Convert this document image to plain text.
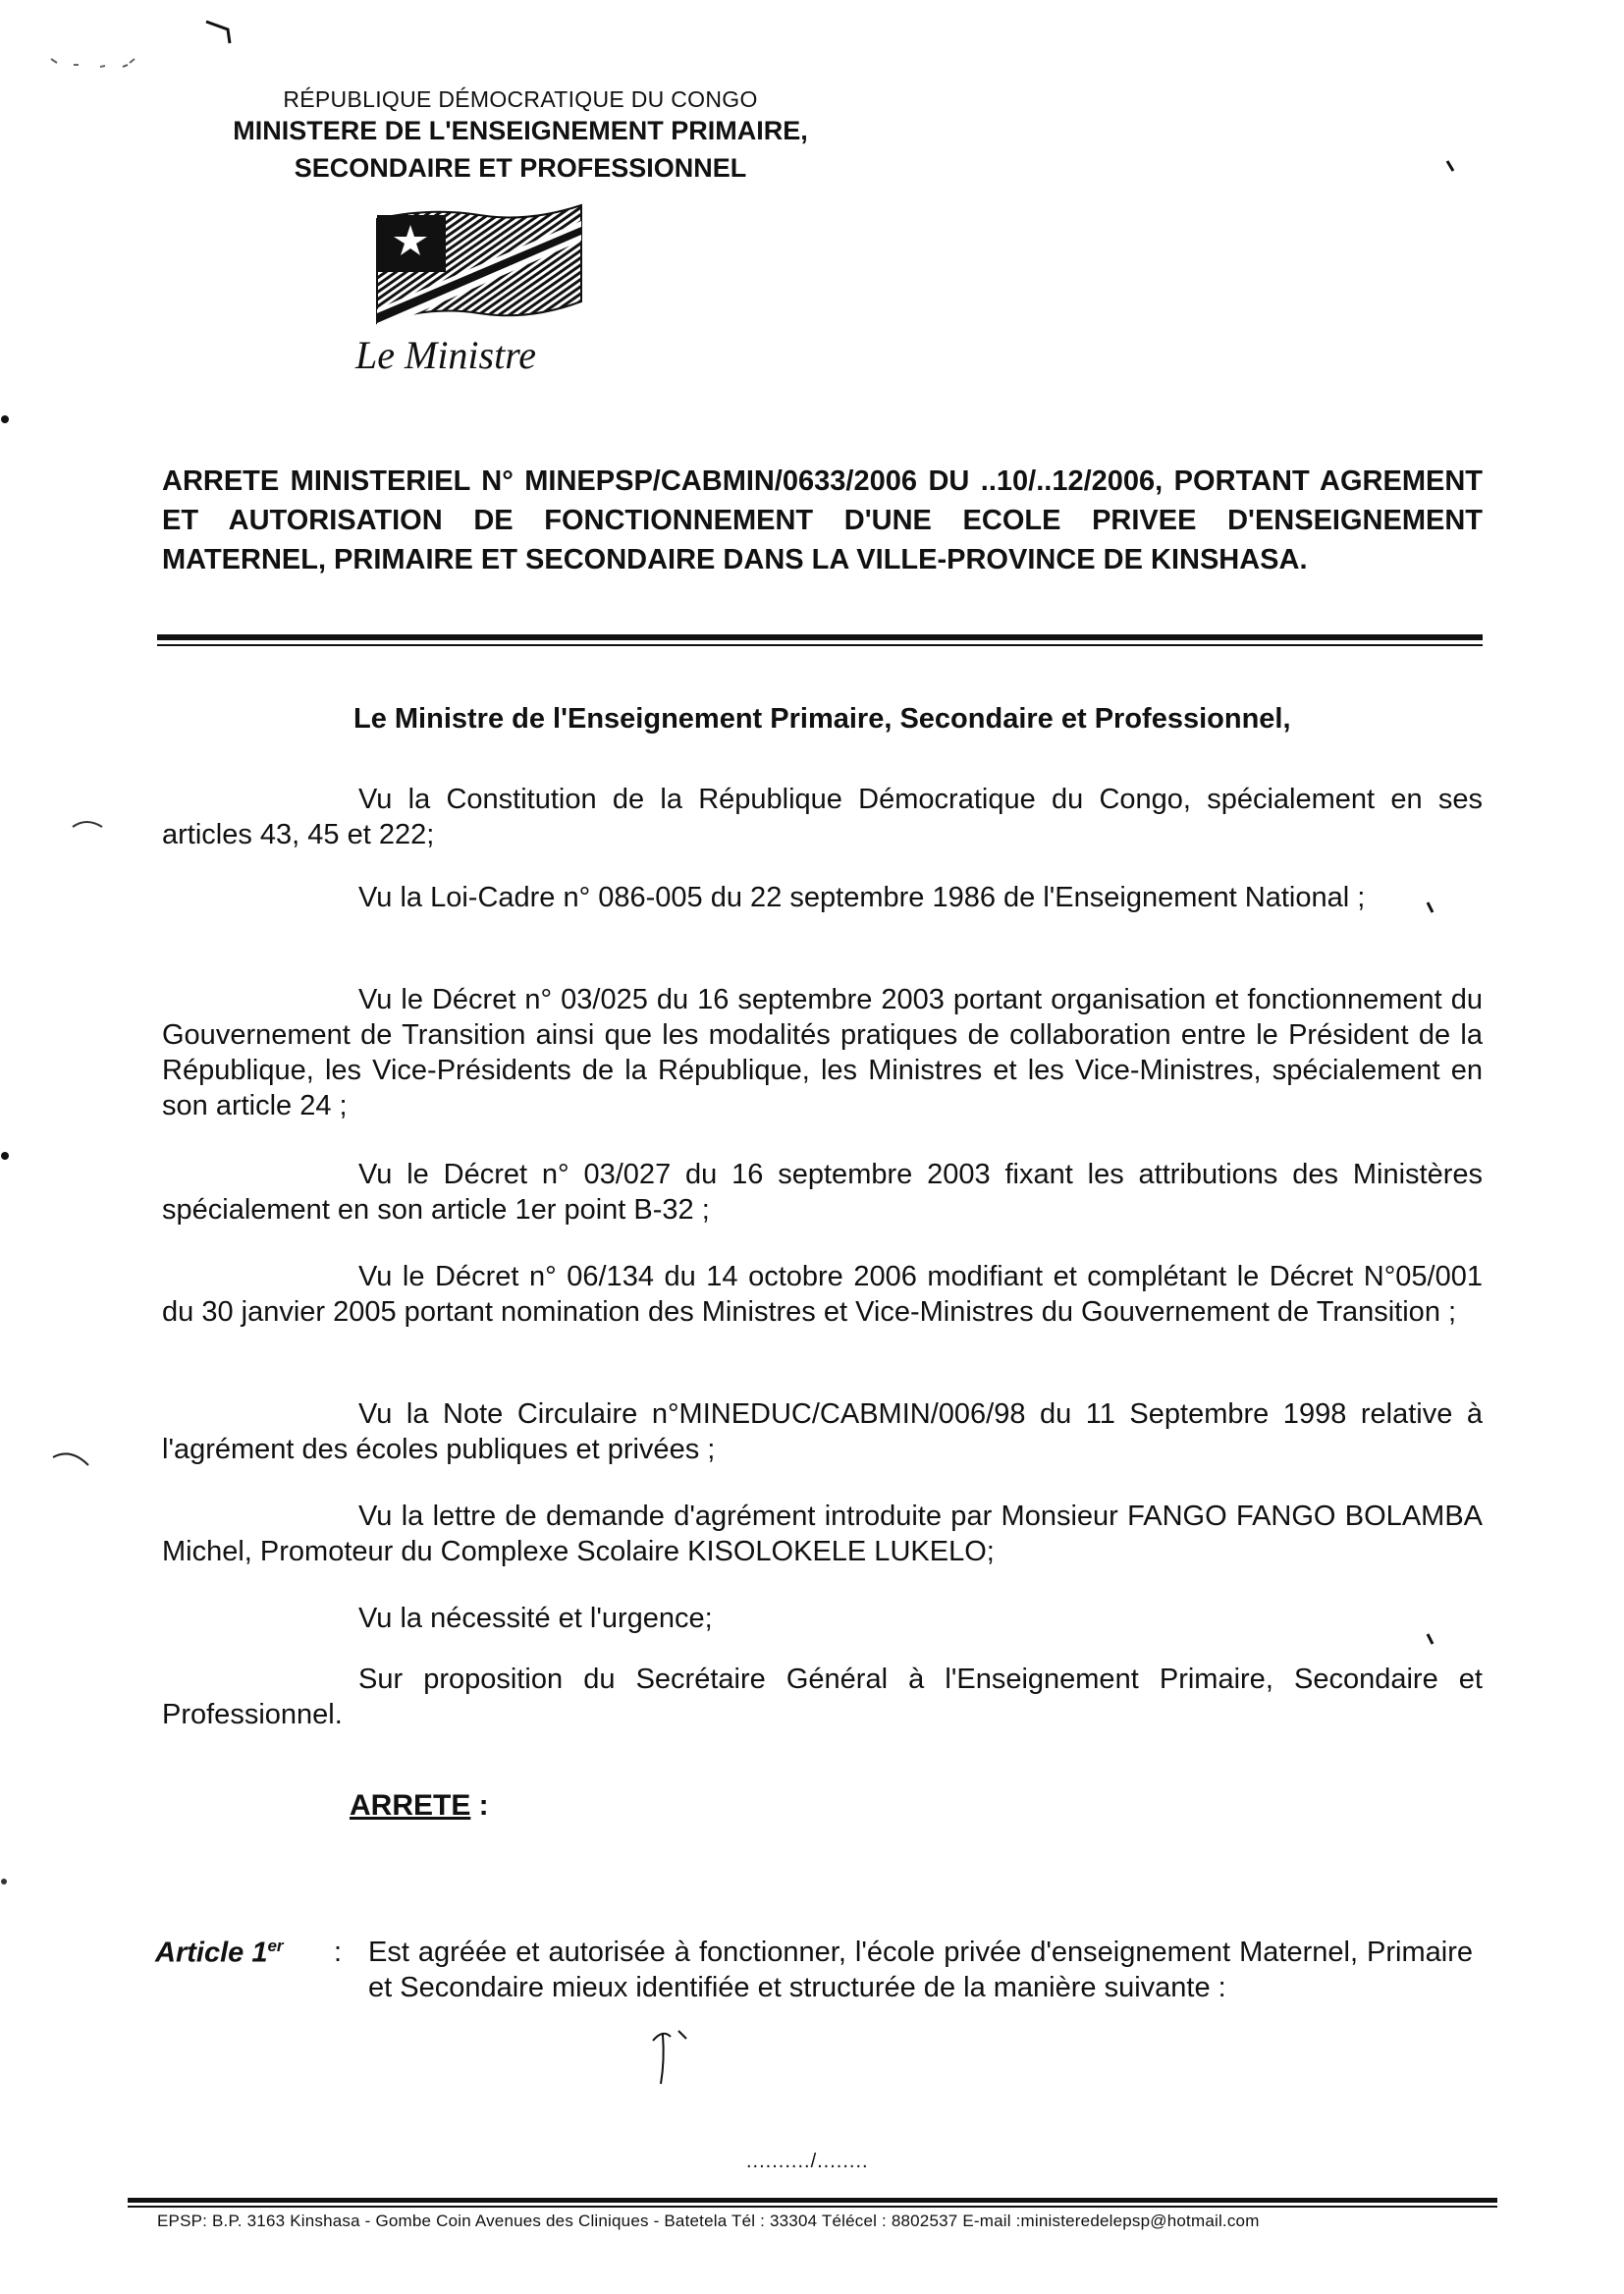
RÉPUBLIQUE DÉMOCRATIQUE DU CONGO
MINISTERE DE L'ENSEIGNEMENT PRIMAIRE,
SECONDAIRE ET PROFESSIONNEL
Le Ministre
ARRETE MINISTERIEL N° MINEPSP/CABMIN/0633/2006 DU ..10/..12/2006, PORTANT AGREMENT ET AUTORISATION DE FONCTIONNEMENT D'UNE ECOLE PRIVEE D'ENSEIGNEMENT MATERNEL, PRIMAIRE ET SECONDAIRE DANS LA VILLE-PROVINCE DE KINSHASA.
Le Ministre de l'Enseignement Primaire, Secondaire et Professionnel,
Vu la Constitution de la République Démocratique du Congo, spécialement en ses articles 43, 45 et 222;
Vu la Loi-Cadre n° 086-005 du 22 septembre 1986 de l'Enseignement National ;
Vu le Décret n° 03/025 du 16 septembre 2003 portant organisation et fonctionnement du Gouvernement de Transition ainsi que les modalités pratiques de collaboration entre le Président de la République, les Vice-Présidents de la République, les Ministres et les Vice-Ministres, spécialement en son article 24 ;
Vu le Décret n° 03/027 du 16 septembre 2003 fixant les attributions des Ministères spécialement en son article 1er point B-32 ;
Vu le Décret n° 06/134 du 14 octobre 2006 modifiant et complétant le Décret N°05/001 du 30 janvier 2005 portant nomination des Ministres et Vice-Ministres du Gouvernement de Transition ;
Vu la Note Circulaire n°MINEDUC/CABMIN/006/98 du 11 Septembre 1998 relative à l'agrément des écoles publiques et privées ;
Vu la lettre de demande d'agrément introduite par Monsieur FANGO FANGO BOLAMBA Michel, Promoteur du Complexe Scolaire KISOLOKELE LUKELO;
Vu la nécessité et l'urgence;
Sur proposition du Secrétaire Général à l'Enseignement Primaire, Secondaire et Professionnel.
ARRETE :
Article 1er : Est agréée et autorisée à fonctionner, l'école privée d'enseignement Maternel, Primaire et Secondaire mieux identifiée et structurée de la manière suivante :
........../........
EPSP: B.P. 3163 Kinshasa - Gombe Coin Avenues des Cliniques - Batetela Tél : 33304 Télécel : 8802537 E-mail :ministeredelepsp@hotmail.com
